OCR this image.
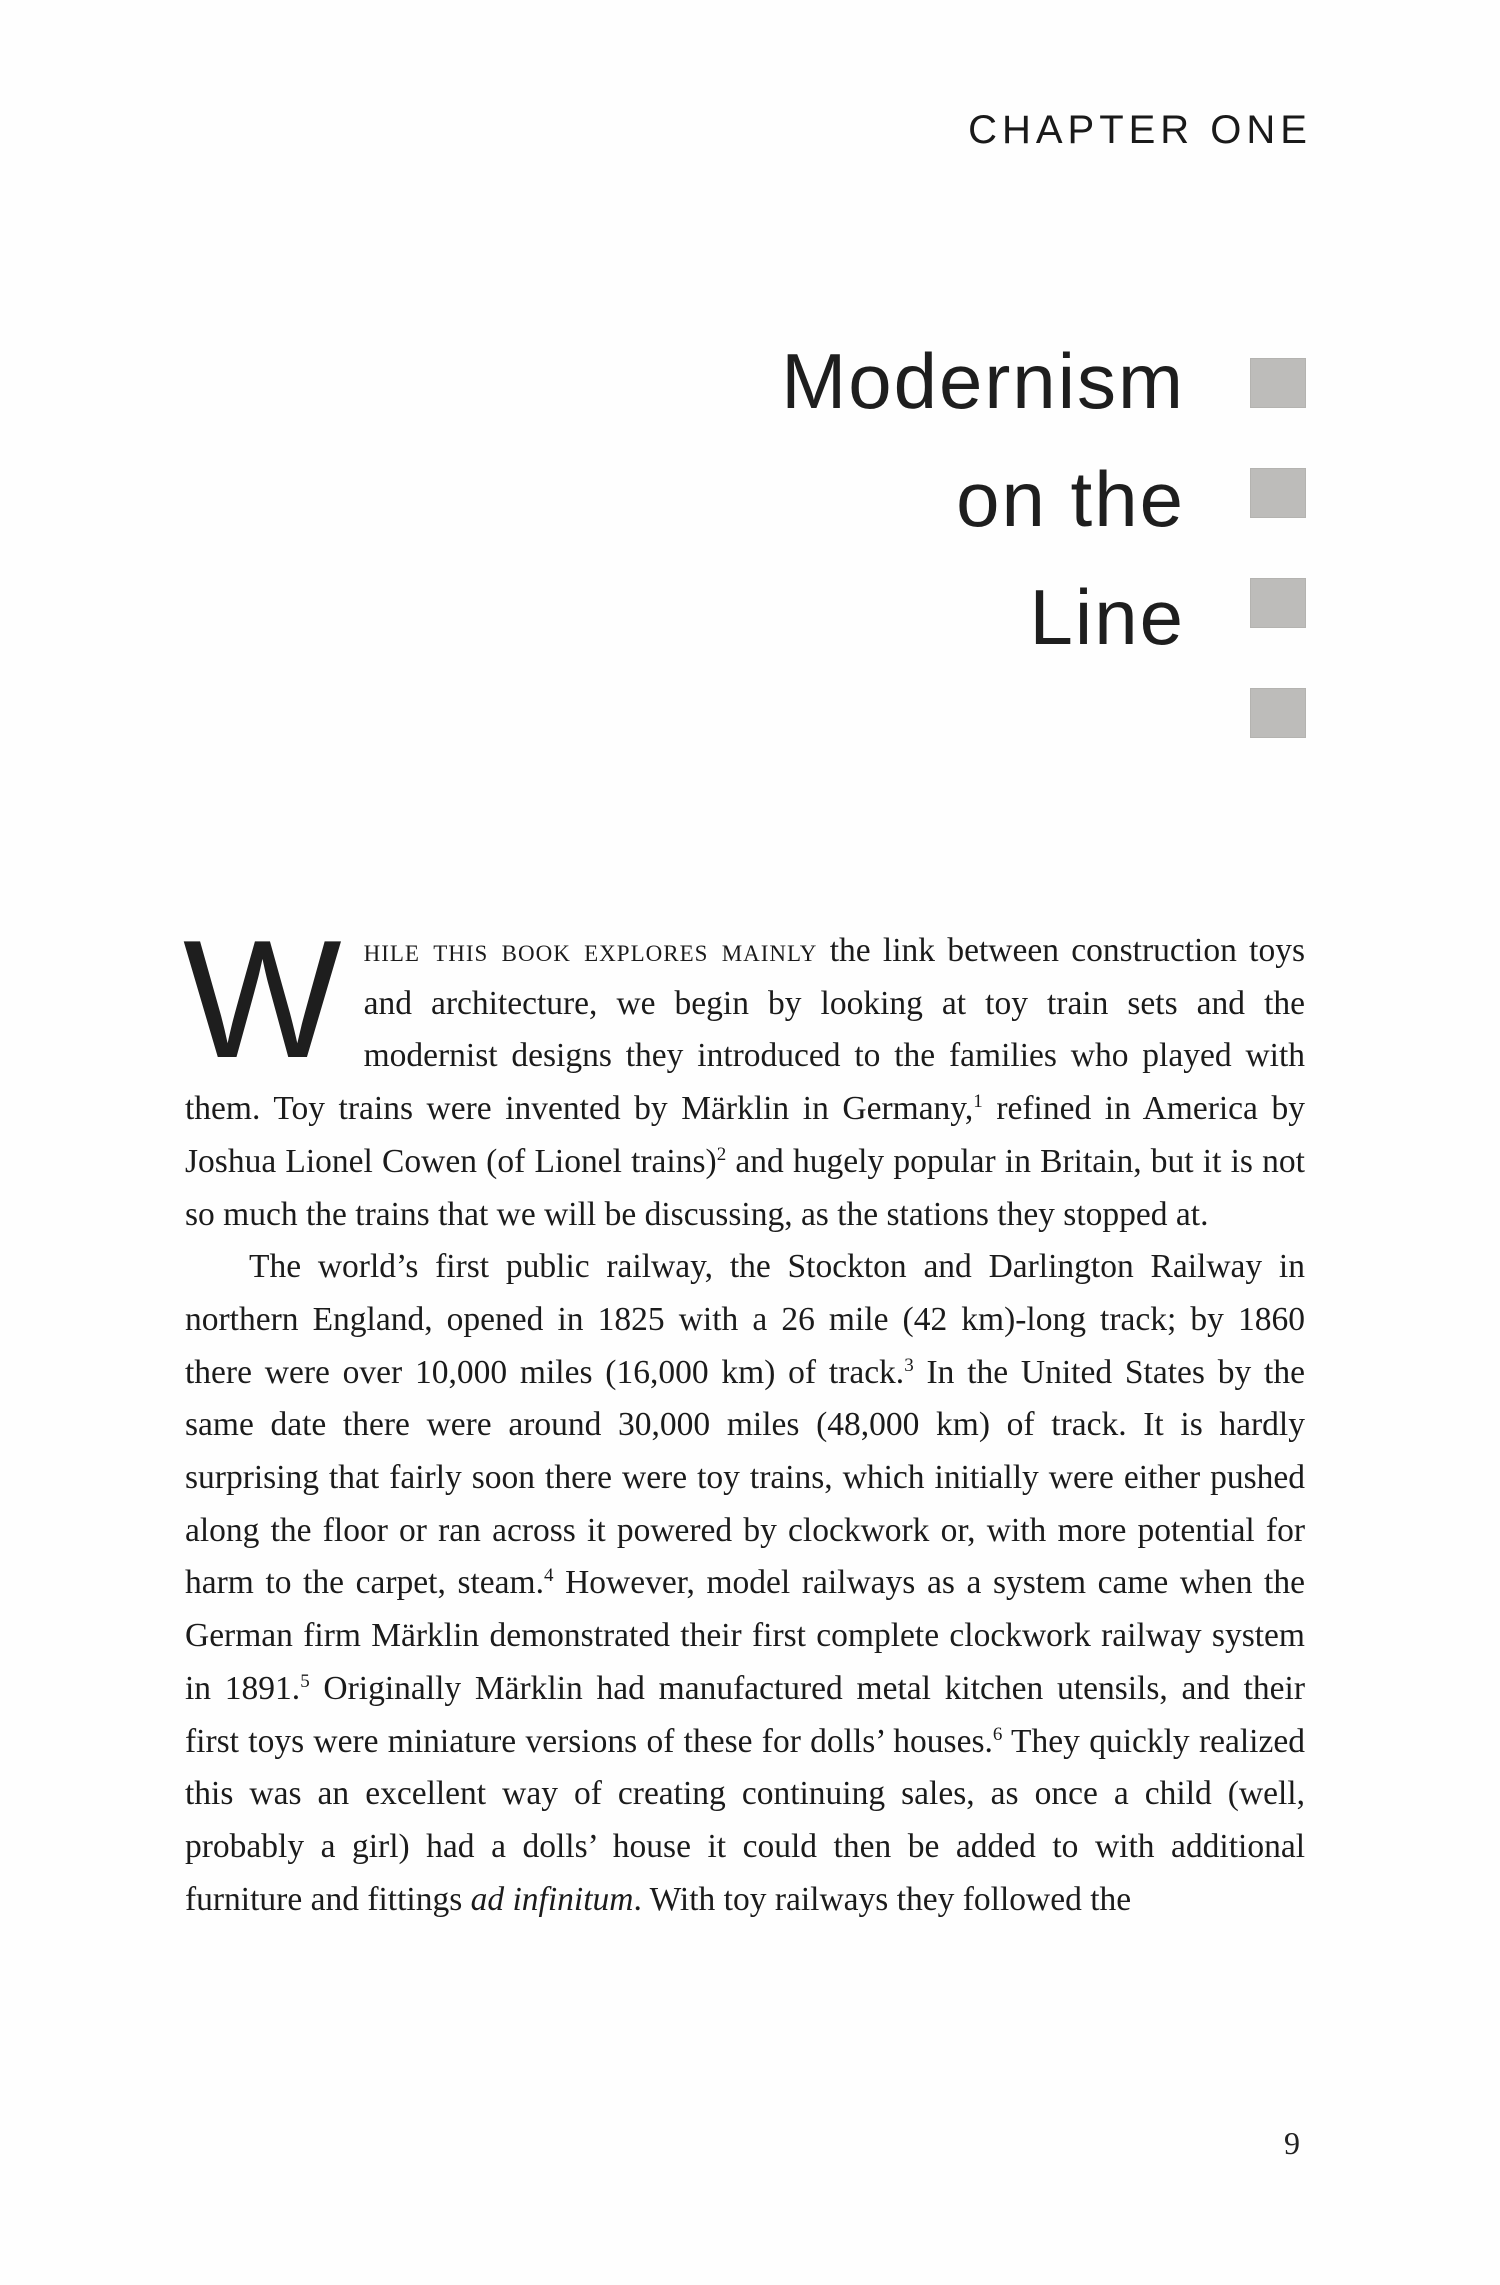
CHAPTER ONE
Modernism
on the
Line

While this book explores mainly the link between construction toys and architecture, we begin by looking at toy train sets and the modernist designs they introduced to the families who played with them. Toy trains were invented by Märklin in Germany,$^1$ refined in America by Joshua Lionel Cowen (of Lionel trains)$^2$ and hugely popular in Britain, but it is not so much the trains that we will be discussing, as the stations they stopped at.

The world’s first public railway, the Stockton and Darlington Railway in northern England, opened in 1825 with a 26 mile (42 km)-long track; by 1860 there were over 10,000 miles (16,000 km) of track.$^3$ In the United States by the same date there were around 30,000 miles (48,000 km) of track. It is hardly surprising that fairly soon there were toy trains, which initially were either pushed along the floor or ran across it powered by clockwork or, with more potential for harm to the carpet, steam.$^4$ However, model railways as a system came when the German firm Märklin demonstrated their first complete clockwork railway system in 1891.$^5$ Originally Märklin had manufactured metal kitchen utensils, and their first toys were miniature versions of these for dolls’ houses.$^6$ They quickly realized this was an excellent way of creating continuing sales, as once a child (well, probably a girl) had a dolls’ house it could then be added to with additional furniture and fittings ad infinitum. With toy railways they followed the

9
